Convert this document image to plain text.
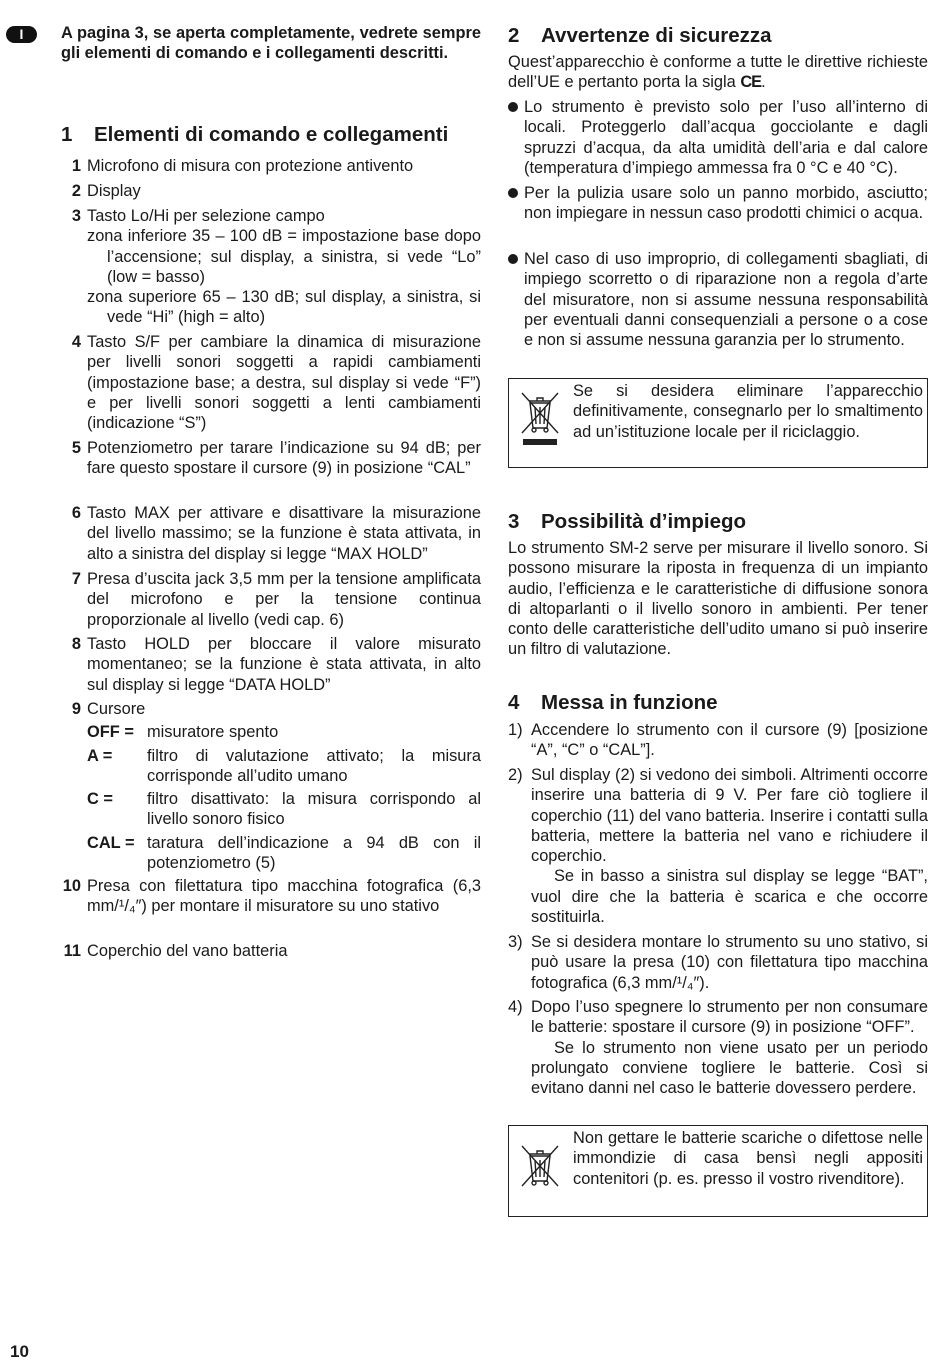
I	A pagina 3, se aperta completamente, vedrete sempre gli elementi di comando e i collegamenti descritti.
1 Elementi di comando e collegamenti
1 Microfono di misura con protezione antivento
2 Display
3 Tasto Lo/Hi per selezione campo
zona inferiore 35 – 100 dB = impostazione base dopo l’accensione; sul display, a sinistra, si vede “Lo” (low = basso)
zona superiore 65 – 130 dB; sul display, a sinistra, si vede “Hi” (high = alto)
4 Tasto S/F per cambiare la dinamica di misurazione per livelli sonori soggetti a rapidi cambiamenti (impostazione base; a destra, sul display si vede “F”) e per livelli sonori soggetti a lenti cambiamenti (indicazione “S”)
5 Potenziometro per tarare l’indicazione su 94 dB; per fare questo spostare il cursore (9) in posizione “CAL”
6 Tasto MAX per attivare e disattivare la misurazione del livello massimo; se la funzione è stata attivata, in alto a sinistra del display si legge “MAX HOLD”
7 Presa d’uscita jack 3,5 mm per la tensione amplificata del microfono e per la tensione continua proporzionale al livello (vedi cap. 6)
8 Tasto HOLD per bloccare il valore misurato momentaneo; se la funzione è stata attivata, in alto sul display si legge “DATA HOLD”
9 Cursore
OFF = misuratore spento
A = filtro di valutazione attivato; la misura corrisponde all’udito umano
C = filtro disattivato: la misura corrispondo al livello sonoro fisico
CAL = taratura dell’indicazione a 94 dB con il potenziometro (5)
10 Presa con filettatura tipo macchina fotografica (6,3 mm/¹/₄″) per montare il misuratore su uno stativo
11 Coperchio del vano batteria
2 Avvertenze di sicurezza
Quest’apparecchio è conforme a tutte le direttive richieste dell’UE e pertanto porta la sigla CE.
Lo strumento è previsto solo per l’uso all’interno di locali. Proteggerlo dall’acqua gocciolante e dagli spruzzi d’acqua, da alta umidità dell’aria e dal calore (temperatura d’impiego ammessa fra 0 °C e 40 °C).
Per la pulizia usare solo un panno morbido, asciutto; non impiegare in nessun caso prodotti chimici o acqua.
Nel caso di uso improprio, di collegamenti sbagliati, di impiego scorretto o di riparazione non a regola d’arte del misuratore, non si assume nessuna responsabilità per eventuali danni consequenziali a persone o a cose e non si assume nessuna garanzia per lo strumento.
Se si desidera eliminare l’apparecchio definitivamente, consegnarlo per lo smaltimento ad un’istituzione locale per il riciclaggio.
3 Possibilità d’impiego
Lo strumento SM-2 serve per misurare il livello sonoro. Si possono misurare la riposta in frequenza di un impianto audio, l’efficienza e le caratteristiche di diffusione sonora di altoparlanti o il livello sonoro in ambienti. Per tener conto delle caratteristiche dell’udito umano si può inserire un filtro di valutazione.
4 Messa in funzione
1) Accendere lo strumento con il cursore (9) [posizione “A”, “C” o “CAL”].
2) Sul display (2) si vedono dei simboli. Altrimenti occorre inserire una batteria di 9 V. Per fare ciò togliere il coperchio (11) del vano batteria. Inserire i contatti sulla batteria, mettere la batteria nel vano e richiudere il coperchio.
Se in basso a sinistra sul display se legge “BAT”, vuol dire che la batteria è scarica e che occorre sostituirla.
3) Se si desidera montare lo strumento su uno stativo, si può usare la presa (10) con filettatura tipo macchina fotografica (6,3 mm/¹/₄″).
4) Dopo l’uso spegnere lo strumento per non consumare le batterie: spostare il cursore (9) in posizione “OFF”.
Se lo strumento non viene usato per un periodo prolungato conviene togliere le batterie. Così si evitano danni nel caso le batterie dovessero perdere.
Non gettare le batterie scariche o difettose nelle immondizie di casa bensì negli appositi contenitori (p. es. presso il vostro rivenditore).
10
